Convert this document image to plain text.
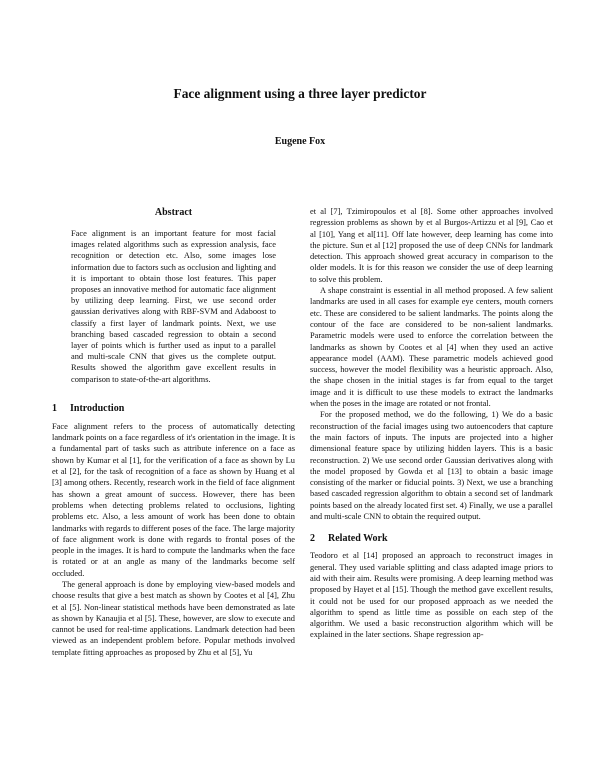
Face alignment using a three layer predictor
Eugene Fox
Abstract

Face alignment is an important feature for most facial images related algorithms such as expression analysis, face recognition or detection etc. Also, some images lose information due to factors such as occlusion and lighting and it is important to obtain those lost features. This paper proposes an innovative method for automatic face alignment by utilizing deep learning. First, we use second order gaussian derivatives along with RBF-SVM and Adaboost to classify a first layer of landmark points. Next, we use branching based cascaded regression to obtain a second layer of points which is further used as input to a parallel and multi-scale CNN that gives us the complete output. Results showed the algorithm gave excellent results in comparison to state-of-the-art algorithms.

1 Introduction

Face alignment refers to the process of automatically detecting landmark points on a face regardless of it's orientation in the image. It is a fundamental part of tasks such as attribute inference on a face as shown by Kumar et al [1], for the verification of a face as shown by Lu et al [2], for the task of recognition of a face as shown by Huang et al [3] among others. Recently, research work in the field of face alignment has shown a great amount of success. However, there has been problems when detecting problems related to occlusions, lighting problems etc. Also, a less amount of work has been done to obtain landmarks with regards to different poses of the face. The large majority of face alignment work is done with regards to frontal poses of the people in the images. It is hard to compute the landmarks when the face is rotated or at an angle as many of the landmarks become self occluded.

The general approach is done by employing view-based models and choose results that give a best match as shown by Cootes et al [4], Zhu et al [5]. Non-linear statistical methods have been demonstrated as late as shown by Kanaujia et al [5]. These, however, are slow to execute and cannot be used for real-time applications. Landmark detection had been viewed as an independent problem before. Popular methods involved template fitting approaches as proposed by Zhu et al [5], Yu

et al [7], Tzimiropoulos et al [8]. Some other approaches involved regression problems as shown by et al Burgos-Artizzu et al [9], Cao et al [10], Yang et al[11]. Off late however, deep learning has come into the picture. Sun et al [12] proposed the use of deep CNNs for landmark detection. This approach showed great accuracy in comparison to the older models. It is for this reason we consider the use of deep learning to solve this problem.

A shape constraint is essential in all method proposed. A few salient landmarks are used in all cases for example eye centers, mouth corners etc. These are considered to be salient landmarks. The points along the contour of the face are considered to be non-salient landmarks. Parametric models were used to enforce the correlation between the landmarks as shown by Cootes et al [4] when they used an active appearance model (AAM). These parametric models achieved good success, however the model flexibility was a heuristic approach. Also, the shape chosen in the initial stages is far from equal to the target image and it is difficult to use these models to extract the landmarks when the poses in the image are rotated or not frontal.

For the proposed method, we do the following, 1) We do a basic reconstruction of the facial images using two autoencoders that capture the main factors of inputs. The inputs are projected into a higher dimensional feature space by utilizing hidden layers. This is a basic reconstruction. 2) We use second order Gaussian derivatives along with the model proposed by Gowda et al [13] to obtain a basic image consisting of the marker or fiducial points. 3) Next, we use a branching based cascaded regression algorithm to obtain a second set of landmark points based on the already located first set. 4) Finally, we use a parallel and multi-scale CNN to obtain the required output.

2 Related Work

Teodoro et al [14] proposed an approach to reconstruct images in general. They used variable splitting and class adapted image priors to aid with their aim. Results were promising. A deep learning method was proposed by Hayet et al [15]. Though the method gave excellent results, it could not be used for our proposed approach as we needed the algorithm to spend as little time as possible on each step of the algorithm. We used a basic reconstruction algorithm which will be explained in the later sections. Shape regression ap-
